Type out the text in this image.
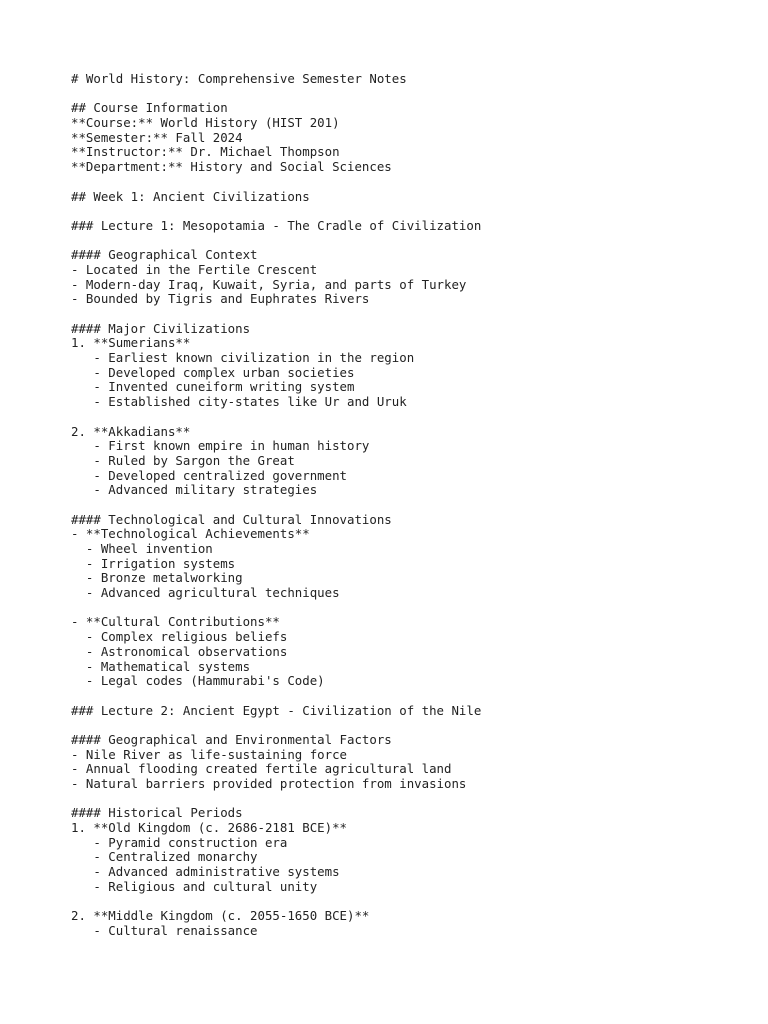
# World History: Comprehensive Semester Notes
## Course Information
**Course:** World History (HIST 201)
**Semester:** Fall 2024
**Instructor:** Dr. Michael Thompson
**Department:** History and Social Sciences
## Week 1: Ancient Civilizations
### Lecture 1: Mesopotamia - The Cradle of Civilization
#### Geographical Context
- Located in the Fertile Crescent
- Modern-day Iraq, Kuwait, Syria, and parts of Turkey
- Bounded by Tigris and Euphrates Rivers
#### Major Civilizations
1. **Sumerians**
- Earliest known civilization in the region
- Developed complex urban societies
- Invented cuneiform writing system
- Established city-states like Ur and Uruk
2. **Akkadians**
- First known empire in human history
- Ruled by Sargon the Great
- Developed centralized government
- Advanced military strategies
#### Technological and Cultural Innovations
- **Technological Achievements**
- Wheel invention
- Irrigation systems
- Bronze metalworking
- Advanced agricultural techniques
- **Cultural Contributions**
- Complex religious beliefs
- Astronomical observations
- Mathematical systems
- Legal codes (Hammurabi's Code)
### Lecture 2: Ancient Egypt - Civilization of the Nile
#### Geographical and Environmental Factors
- Nile River as life-sustaining force
- Annual flooding created fertile agricultural land
- Natural barriers provided protection from invasions
#### Historical Periods
1. **Old Kingdom (c. 2686-2181 BCE)**
- Pyramid construction era
- Centralized monarchy
- Advanced administrative systems
- Religious and cultural unity
2. **Middle Kingdom (c. 2055-1650 BCE)**
- Cultural renaissance
